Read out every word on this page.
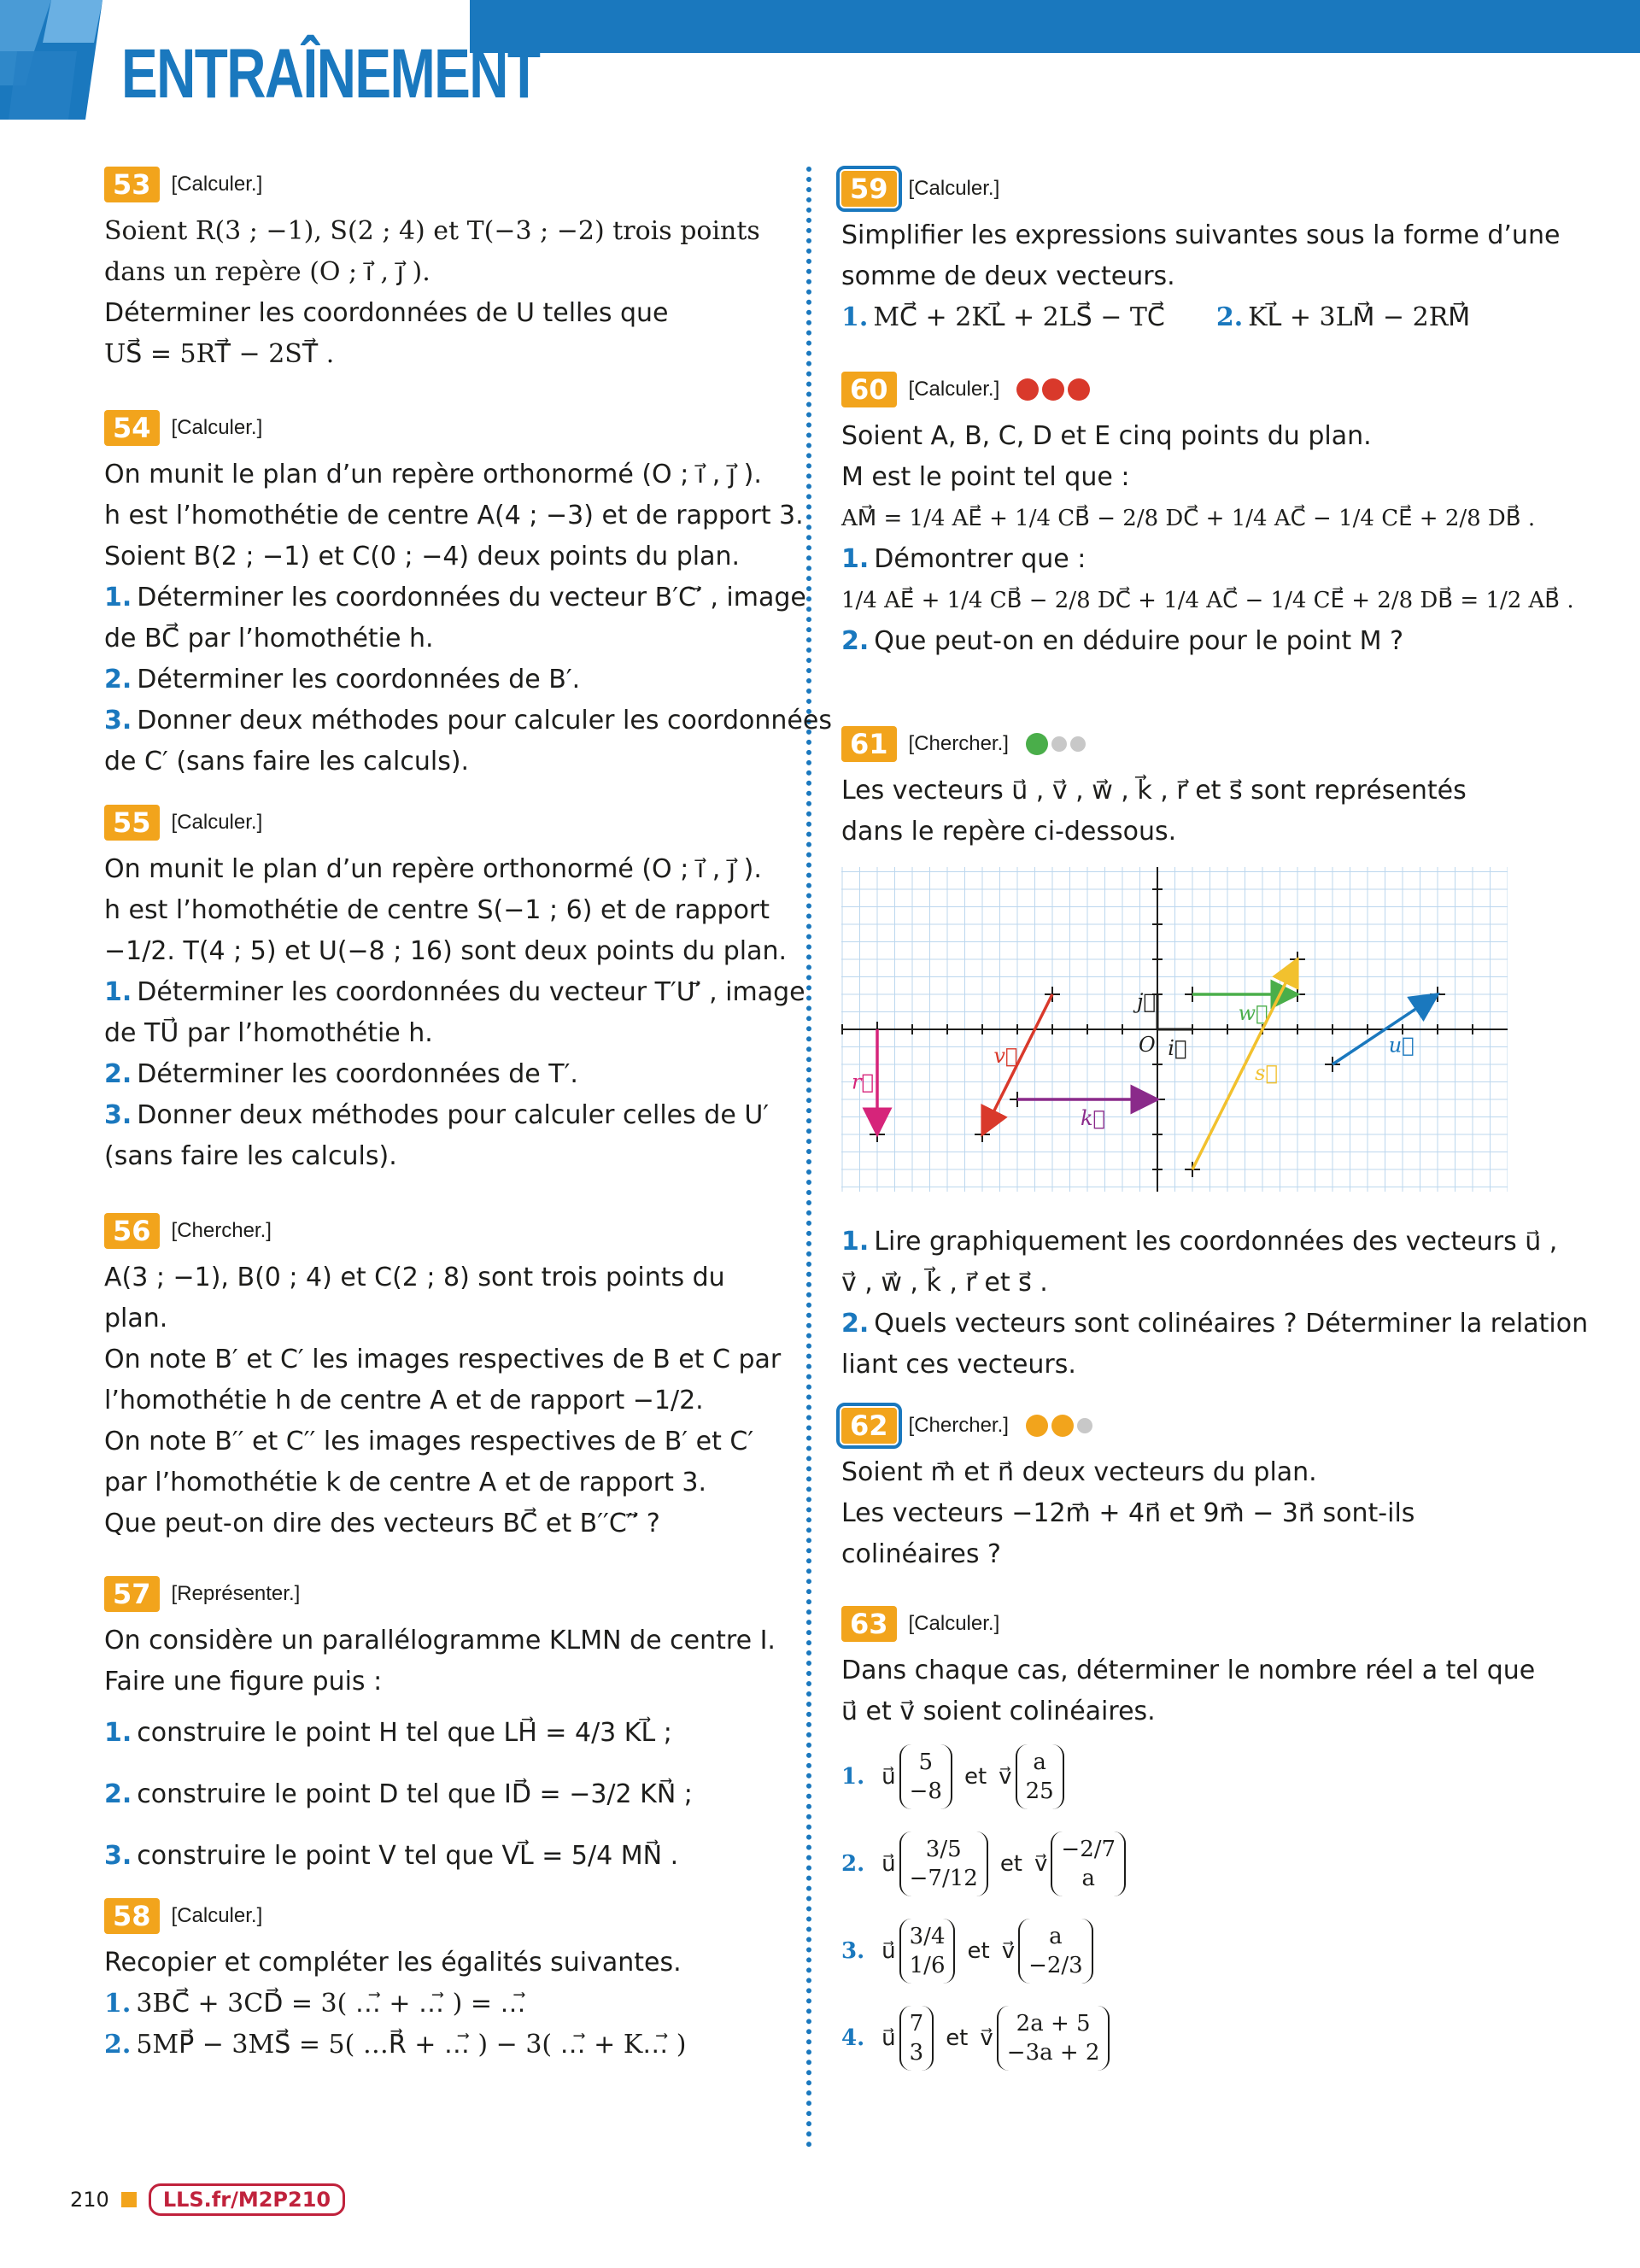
ENTRAÎNEMENT
53	[Calculer.]
Soient R(3 ; −1), S(2 ; 4) et T(−3 ; −2) trois points
dans un repère (O ; i⃗ , j⃗ ).
Déterminer les coordonnées de U telles que
US⃗ = 5RT⃗ − 2ST⃗ .
54	[Calculer.]
On munit le plan d’un repère orthonormé (O ; i⃗ , j⃗ ).
h est l’homothétie de centre A(4 ; −3) et de rapport 3.
Soient B(2 ; −1) et C(0 ; −4) deux points du plan.
1. Déterminer les coordonnées du vecteur B′C′⃗ , image
de BC⃗ par l’homothétie h.
2. Déterminer les coordonnées de B′.
3. Donner deux méthodes pour calculer les coordonnées
de C′ (sans faire les calculs).
55	[Calculer.]
On munit le plan d’un repère orthonormé (O ; i⃗ , j⃗ ).
h est l’homothétie de centre S(−1 ; 6) et de rapport
−1/2. T(4 ; 5) et U(−8 ; 16) sont deux points du plan.
1. Déterminer les coordonnées du vecteur T′U′⃗ , image
de TU⃗ par l’homothétie h.
2. Déterminer les coordonnées de T′.
3. Donner deux méthodes pour calculer celles de U′
(sans faire les calculs).
56	[Chercher.]
A(3 ; −1), B(0 ; 4) et C(2 ; 8) sont trois points du
plan.
On note B′ et C′ les images respectives de B et C par
l’homothétie h de centre A et de rapport −1/2.
On note B′′ et C′′ les images respectives de B′ et C′
par l’homothétie k de centre A et de rapport 3.
Que peut-on dire des vecteurs BC⃗ et B′′C′′⃗ ?
57	[Représenter.]
On considère un parallélogramme KLMN de centre I.
Faire une figure puis :
1. construire le point H tel que LH⃗ = 4/3 KL⃗ ;
2. construire le point D tel que ID⃗ = −3/2 KN⃗ ;
3. construire le point V tel que VL⃗ = 5/4 MN⃗ .
58	[Calculer.]
Recopier et compléter les égalités suivantes.
1. 3BC⃗ + 3CD⃗ = 3( …⃗ + …⃗ ) = …⃗
2. 5MP⃗ − 3MS⃗ = 5( …R⃗ + …⃗ ) − 3( …⃗ + K…⃗ )
59	[Calculer.]
Simplifier les expressions suivantes sous la forme d’une
somme de deux vecteurs.
1. MC⃗ + 2KL⃗ + 2LS⃗ − TC⃗ 2. KL⃗ + 3LM⃗ − 2RM⃗
60	[Calculer.]
Soient A, B, C, D et E cinq points du plan.
M est le point tel que :
AM⃗ = 1/4 AE⃗ + 1/4 CB⃗ − 2/8 DC⃗ + 1/4 AC⃗ − 1/4 CE⃗ + 2/8 DB⃗ .
1. Démontrer que :
1/4 AE⃗ + 1/4 CB⃗ − 2/8 DC⃗ + 1/4 AC⃗ − 1/4 CE⃗ + 2/8 DB⃗ = 1/2 AB⃗ .
2. Que peut-on en déduire pour le point M ?
61	[Chercher.]
Les vecteurs u⃗ , v⃗ , w⃗ , k⃗ , r⃗ et s⃗ sont représentés
dans le repère ci-dessous.
1. Lire graphiquement les coordonnées des vecteurs u⃗ ,
v⃗ , w⃗ , k⃗ , r⃗ et s⃗ .
2. Quels vecteurs sont colinéaires ? Déterminer la relation
liant ces vecteurs.
62	[Chercher.]
Soient m⃗ et n⃗ deux vecteurs du plan.
Les vecteurs −12m⃗ + 4n⃗ et 9m⃗ − 3n⃗ sont-ils
colinéaires ?
63	[Calculer.]
Dans chaque cas, déterminer le nombre réel a tel que
u⃗ et v⃗ soient colinéaires.
1. u⃗
5
−8
et v⃗
a
25
2. u⃗
3/5
−7/12
et v⃗
−2/7
a
3. u⃗
3/4
1/6
et v⃗
a
−2/3
4. u⃗
7
3
et v⃗
2a + 5
−3a + 2
O i⃗
j⃗
u⃗
v⃗
w⃗
k⃗
r⃗	s⃗
210	LLS.fr/M2P210
